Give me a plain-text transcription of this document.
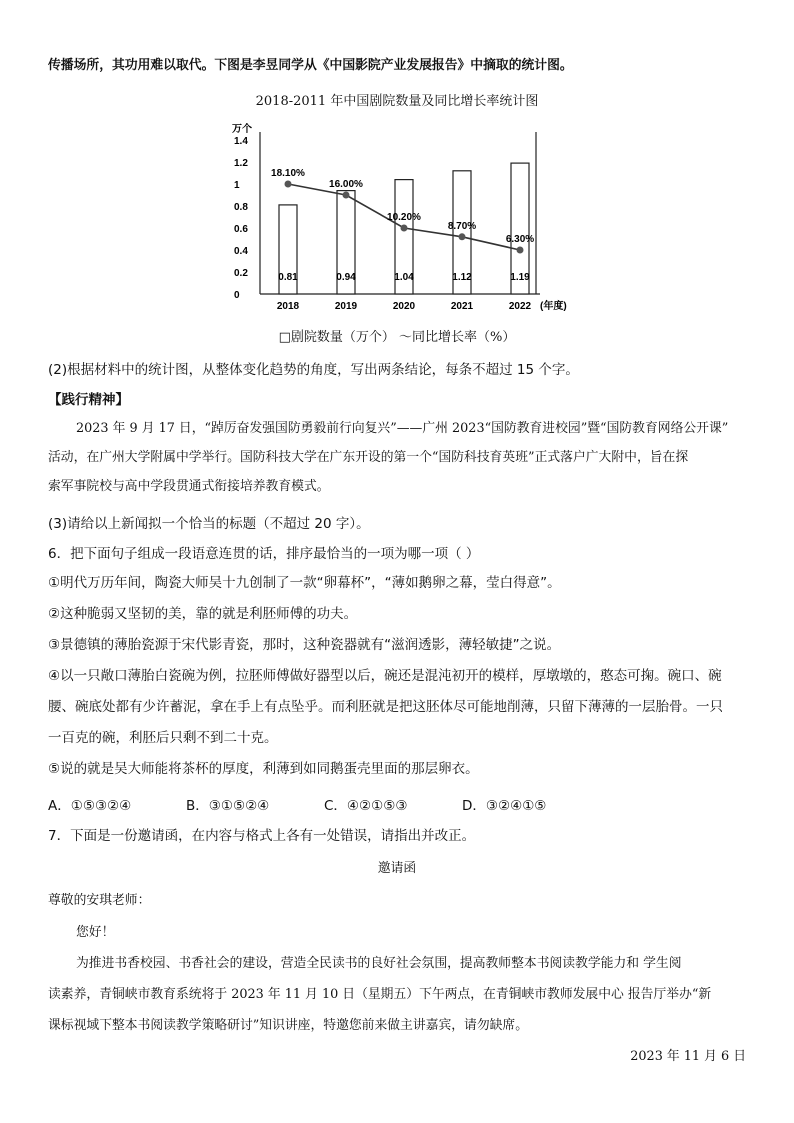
传播场所，其功用难以取代。下图是李昱同学从《中国影院产业发展报告》中摘取的统计图。
2018-2011 年中国剧院数量及同比增长率统计图
万个
0
0.2
0.4
0.6
0.8
1
1.2
1.4
0.81
2018
0.94
2019
1.04
2020
1.12
2021
1.19
2022 (年度)
18.10%
16.00%
10.20%
8.70%
6.30%
□剧院数量（万个） ～同比增长率（%）
(2)根据材料中的统计图，从整体变化趋势的角度，写出两条结论，每条不超过 15 个字。
【践行精神】
2023 年 9 月 17 日，“踔厉奋发强国防勇毅前行向复兴”——广州 2023“国防教育进校园”暨“国防教育网络公开课”
活动，在广州大学附属中学举行。国防科技大学在广东开设的第一个“国防科技育英班”正式落户广大附中，旨在探
索军事院校与高中学段贯通式衔接培养教育模式。
(3)请给以上新闻拟一个恰当的标题（不超过 20 字）。
6．把下面句子组成一段语意连贯的话，排序最恰当的一项为哪一项（ ）
①明代万历年间，陶瓷大师吴十九创制了一款“卵幕杯”，“薄如鹅卵之幕，莹白得意”。
②这种脆弱又坚韧的美，靠的就是利胚师傅的功夫。
③景德镇的薄胎瓷源于宋代影青瓷，那时，这种瓷器就有“滋润透影，薄轻敏捷”之说。
④以一只敞口薄胎白瓷碗为例，拉胚师傅做好器型以后，碗还是混沌初开的模样，厚墩墩的，憨态可掬。碗口、碗
腰、碗底处都有少许蓄泥，拿在手上有点坠乎。而利胚就是把这胚体尽可能地削薄，只留下薄薄的一层胎骨。一只
一百克的碗，利胚后只剩不到二十克。
⑤说的就是吴大师能将茶杯的厚度，利薄到如同鹅蛋壳里面的那层卵衣。
A．①⑤③②④	B．③①⑤②④	C．④②①⑤③	D．③②④①⑤
7．下面是一份邀请函，在内容与格式上各有一处错误，请指出并改正。
邀请函
尊敬的安琪老师：
您好！
为推进书香校园、书香社会的建设，营造全民读书的良好社会氛围，提高教师整本书阅读教学能力和 学生阅
读素养，青铜峡市教育系统将于 2023 年 11 月 10 日（星期五）下午两点，在青铜峡市教师发展中心 报告厅举办“新
课标视域下整本书阅读教学策略研讨”知识讲座，特邀您前来做主讲嘉宾，请勿缺席。
2023 年 11 月 6 日
